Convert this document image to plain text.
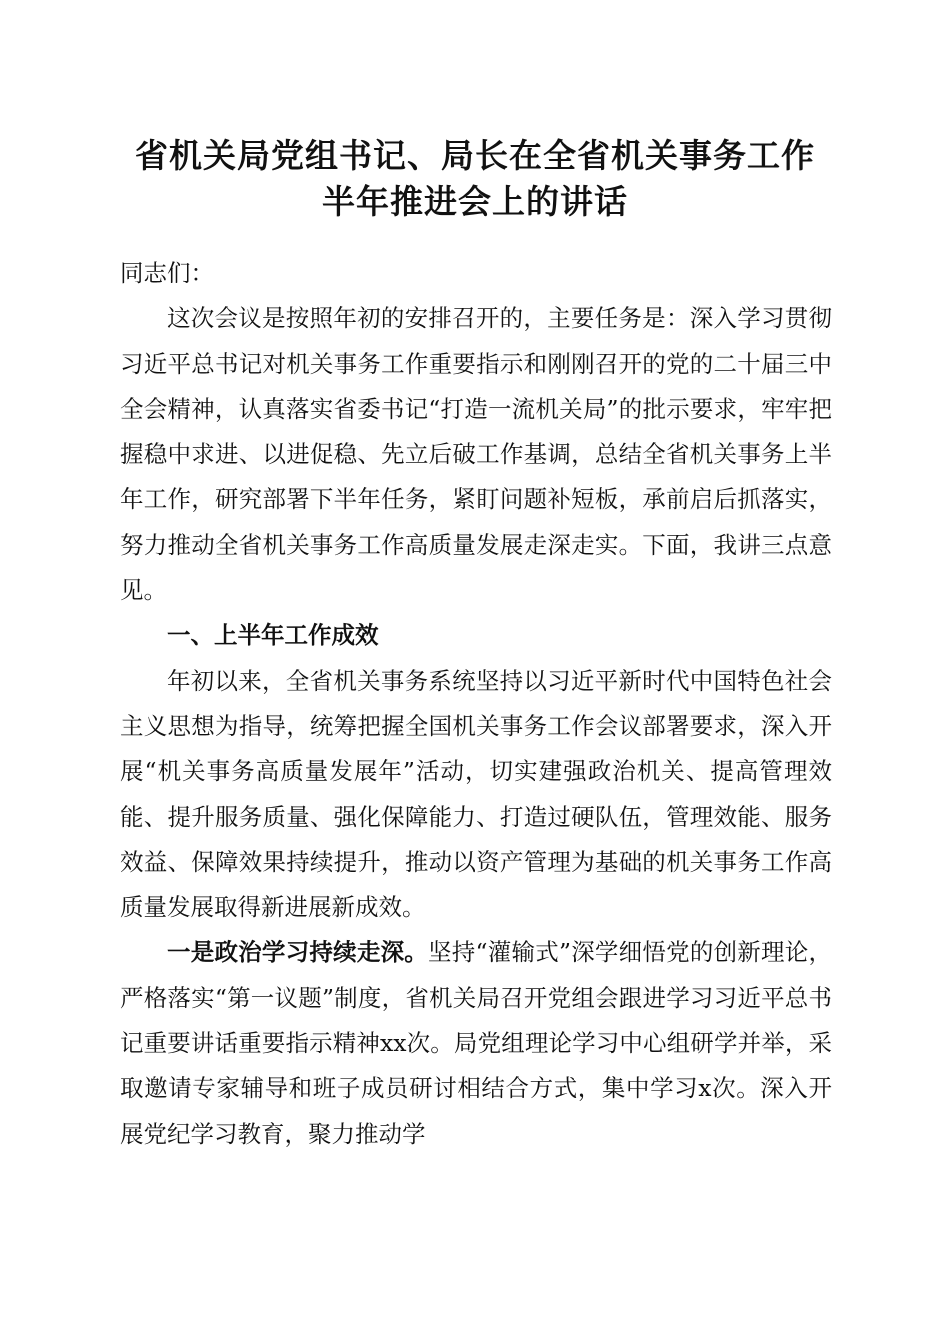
省机关局党组书记、局长在全省机关事务工作
半年推进会上的讲话

同志们：

这次会议是按照年初的安排召开的，主要任务是：深入学习贯彻习近平总书记对机关事务工作重要指示和刚刚召开的党的二十届三中全会精神，认真落实省委书记“打造一流机关局”的批示要求，牢牢把握稳中求进、以进促稳、先立后破工作基调，总结全省机关事务上半年工作，研究部署下半年任务，紧盯问题补短板，承前启后抓落实，努力推动全省机关事务工作高质量发展走深走实。下面，我讲三点意见。

一、上半年工作成效

年初以来，全省机关事务系统坚持以习近平新时代中国特色社会主义思想为指导，统筹把握全国机关事务工作会议部署要求，深入开展“机关事务高质量发展年”活动，切实建强政治机关、提高管理效能、提升服务质量、强化保障能力、打造过硬队伍，管理效能、服务效益、保障效果持续提升，推动以资产管理为基础的机关事务工作高质量发展取得新进展新成效。

一是政治学习持续走深。坚持“灌输式”深学细悟党的创新理论，严格落实“第一议题”制度，省机关局召开党组会跟进学习习近平总书记重要讲话重要指示精神xx次。局党组理论学习中心组研学并举，采取邀请专家辅导和班子成员研讨相结合方式，集中学习x次。深入开展党纪学习教育，聚力推动学
